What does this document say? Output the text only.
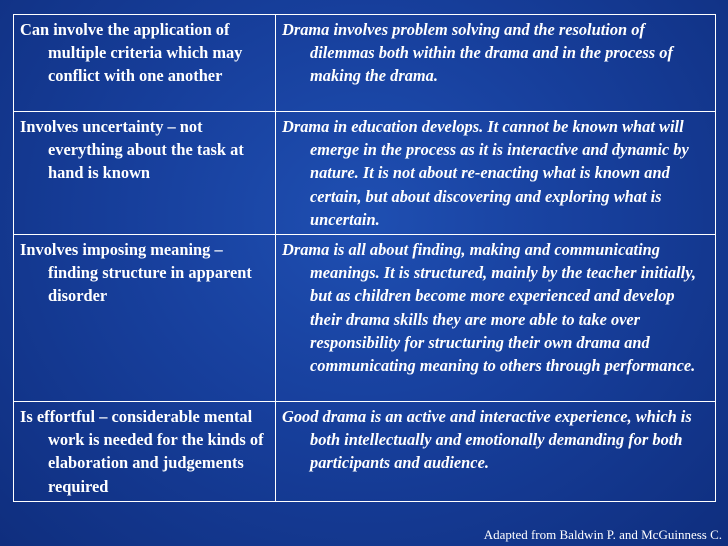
Can involve the application of multiple criteria which may conflict with one another	Drama involves problem solving and the resolution of dilemmas both within the drama and in the process of making the drama.

Involves uncertainty – not everything about the task at hand is known	Drama in education develops. It cannot be known what will emerge in the process as it is interactive and dynamic by nature. It is not about re-enacting what is known and certain, but about discovering and exploring what is uncertain.

Involves imposing meaning – finding structure in apparent disorder	Drama is all about finding, making and communicating meanings. It is structured, mainly by the teacher initially, but as children become more experienced and develop their drama skills they are more able to take over responsibility for structuring their own drama and communicating meaning to others through performance.

Is effortful – considerable mental work is needed for the kinds of elaboration and judgements required	Good drama is an active and interactive experience, which is both intellectually and emotionally demanding for both participants and audience.
Adapted from Baldwin P. and McGuinness C.
